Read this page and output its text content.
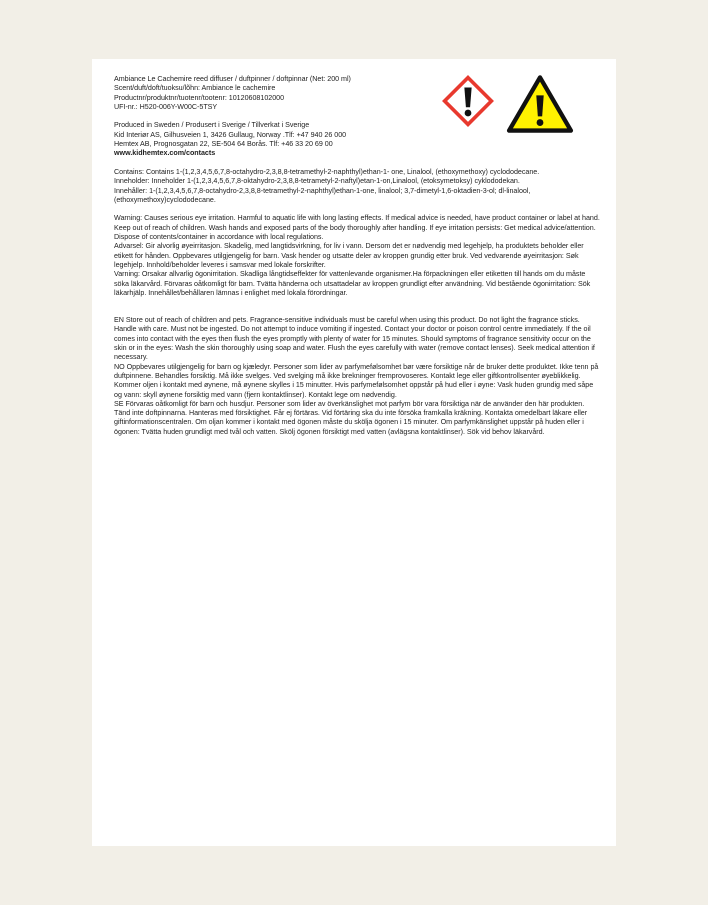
Ambiance Le Cachemire reed diffuser / duftpinner / doftpinnar (Net: 200 ml)

Scent/duft/doft/tuoksu/lõhn: Ambiance le cachemire

Productnr/produktnr/tuotenr/tootenr: 10120608102000

UFI-nr.: H520-006Y-W00C-5TSY

Produced in Sweden / Produsert i Sverige / Tillverkat i Sverige

Kid Interiør AS, Gilhusveien 1, 3426 Gullaug, Norway .Tlf: +47 940 26 000

Hemtex AB, Prognosgatan 22, SE-504 64 Borås. Tlf: +46 33 20 69 00

www.kidhemtex.com/contacts

Contains: Contains 1-(1,2,3,4,5,6,7,8-octahydro-2,3,8,8-tetramethyl-2-naphthyl)ethan-1- one, Linalool, (ethoxymethoxy) cyclododecane.

Inneholder: Inneholder 1-(1,2,3,4,5,6,7,8-oktahydro-2,3,8,8-tetrametyl-2-naftyl)etan-1-on,Linalool, (etoksymetoksy) cyklododekan.

Innehåller: 1-(1,2,3,4,5,6,7,8-octahydro-2,3,8,8-tetramethyl-2-naphthyl)ethan-1-one, linalool; 3,7-dimetyl-1,6-oktadien-3-ol; dl-linalool, (ethoxymethoxy)cyclododecane.

Warning: Causes serious eye irritation. Harmful to aquatic life with long lasting effects. If medical advice is needed, have product container or label at hand. Keep out of reach of children. Wash hands and exposed parts of the body thoroughly after handling. If eye irritation persists: Get medical advice/attention. Dispose of contents/container in accordance with local regulations.

Advarsel: Gir alvorlig øyeirritasjon. Skadelig, med langtidsvirkning, for liv i vann. Dersom det er nødvendig med legehjelp, ha produktets beholder eller etikett for hånden. Oppbevares utilgjengelig for barn. Vask hender og utsatte deler av kroppen grundig etter bruk. Ved vedvarende øyeirritasjon: Søk legehjelp. Innhold/beholder leveres i samsvar med lokale forskrifter.

Varning: Orsakar allvarlig ögonirritation. Skadliga långtidseffekter för vattenlevande organismer.Ha förpackningen eller etiketten till hands om du måste söka läkarvård. Förvaras oåtkomligt för barn. Tvätta händerna och utsattadelar av kroppen grundligt efter användning. Vid bestående ögonirritation: Sök läkarhjälp. Innehållet/behållaren lämnas i enlighet med lokala förordningar.

EN Store out of reach of children and pets. Fragrance-sensitive individuals must be careful when using this product. Do not light the fragrance sticks. Handle with care. Must not be ingested. Do not attempt to induce vomiting if ingested. Contact your doctor or poison control centre immediately. If the oil comes into contact with the eyes then flush the eyes promptly with plenty of water for 15 minutes. Should symptoms of fragrance sensitivity occur on the skin or in the eyes: Wash the skin thoroughly using soap and water. Flush the eyes carefully with water (remove contact lenses). Seek medical attention if necessary.

NO Oppbevares utilgjengelig for barn og kjæledyr. Personer som lider av parfymefølsomhet bør være forsiktige når de bruker dette produktet. Ikke tenn på duftpinnene. Behandles forsiktig. Må ikke svelges. Ved svelging må ikke brekninger fremprovoseres. Kontakt lege eller giftkontrollsenter øyeblikkelig. Kommer oljen i kontakt med øynene, må øynene skylles i 15 minutter. Hvis parfymefølsomhet oppstår på hud eller i øyne: Vask huden grundig med såpe og vann: skyll øynene forsiktig med vann (fjern kontaktlinser). Kontakt lege om nødvendig.

SE Förvaras oåtkomligt för barn och husdjur. Personer som lider av överkänslighet mot parfym bör vara försiktiga när de använder den här produkten. Tänd inte doftpinnarna. Hanteras med försiktighet. Får ej förtäras. Vid förtäring ska du inte försöka framkalla kräkning. Kontakta omedelbart läkare eller giftinformationscentralen. Om oljan kommer i kontakt med ögonen måste du skölja ögonen i 15 minuter. Om parfymkänslighet uppstår på huden eller i ögonen: Tvätta huden grundligt med tvål och vatten. Skölj ögonen försiktigt med vatten (avlägsna kontaktlinser). Sök vid behov läkarvård.
